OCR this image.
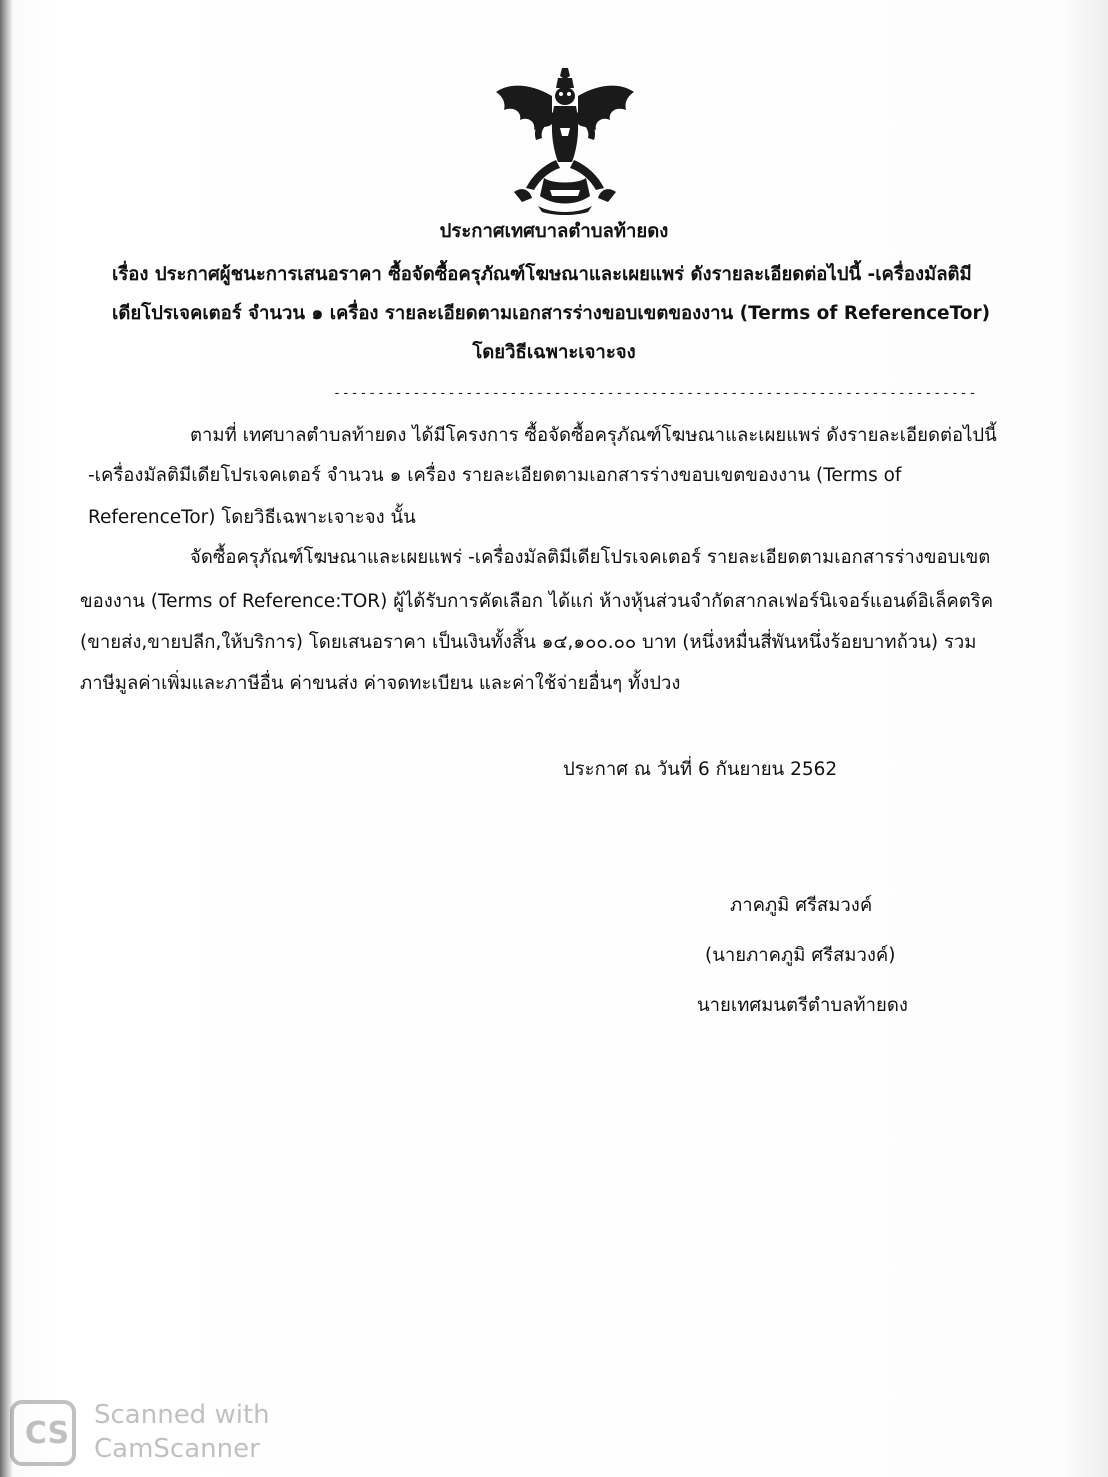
ประกาศเทศบาลตำบลท้ายดง
เรื่อง ประกาศผู้ชนะการเสนอราคา ซื้อจัดซื้อครุภัณฑ์โฆษณาและเผยแพร่ ดังรายละเอียดต่อไปนี้ -เครื่องมัลติมี
เดียโปรเจคเตอร์ จำนวน ๑ เครื่อง รายละเอียดตามเอกสารร่างขอบเขตของงาน (Terms of ReferenceTor)
โดยวิธีเฉพาะเจาะจง
-------------------------------------------------------------------------
ตามที่ เทศบาลตำบลท้ายดง ได้มีโครงการ ซื้อจัดซื้อครุภัณฑ์โฆษณาและเผยแพร่ ดังรายละเอียดต่อไปนี้
-เครื่องมัลติมีเดียโปรเจคเตอร์ จำนวน ๑ เครื่อง รายละเอียดตามเอกสารร่างขอบเขตของงาน (Terms of
ReferenceTor) โดยวิธีเฉพาะเจาะจง นั้น
จัดซื้อครุภัณฑ์โฆษณาและเผยแพร่ -เครื่องมัลติมีเดียโปรเจคเตอร์ รายละเอียดตามเอกสารร่างขอบเขต
ของงาน (Terms of Reference:TOR) ผู้ได้รับการคัดเลือก ได้แก่ ห้างหุ้นส่วนจำกัดสากลเฟอร์นิเจอร์แอนด์อิเล็คตริค
(ขายส่ง,ขายปลีก,ให้บริการ) โดยเสนอราคา เป็นเงินทั้งสิ้น ๑๔,๑๐๐.๐๐ บาท (หนึ่งหมื่นสี่พันหนึ่งร้อยบาทถ้วน) รวม
ภาษีมูลค่าเพิ่มและภาษีอื่น ค่าขนส่ง ค่าจดทะเบียน และค่าใช้จ่ายอื่นๆ ทั้งปวง
ประกาศ ณ วันที่ 6 กันยายน 2562
ภาคภูมิ ศรีสมวงค์
(นายภาคภูมิ ศรีสมวงค์)
นายเทศมนตรีตำบลท้ายดง
CS
Scanned with
CamScanner
